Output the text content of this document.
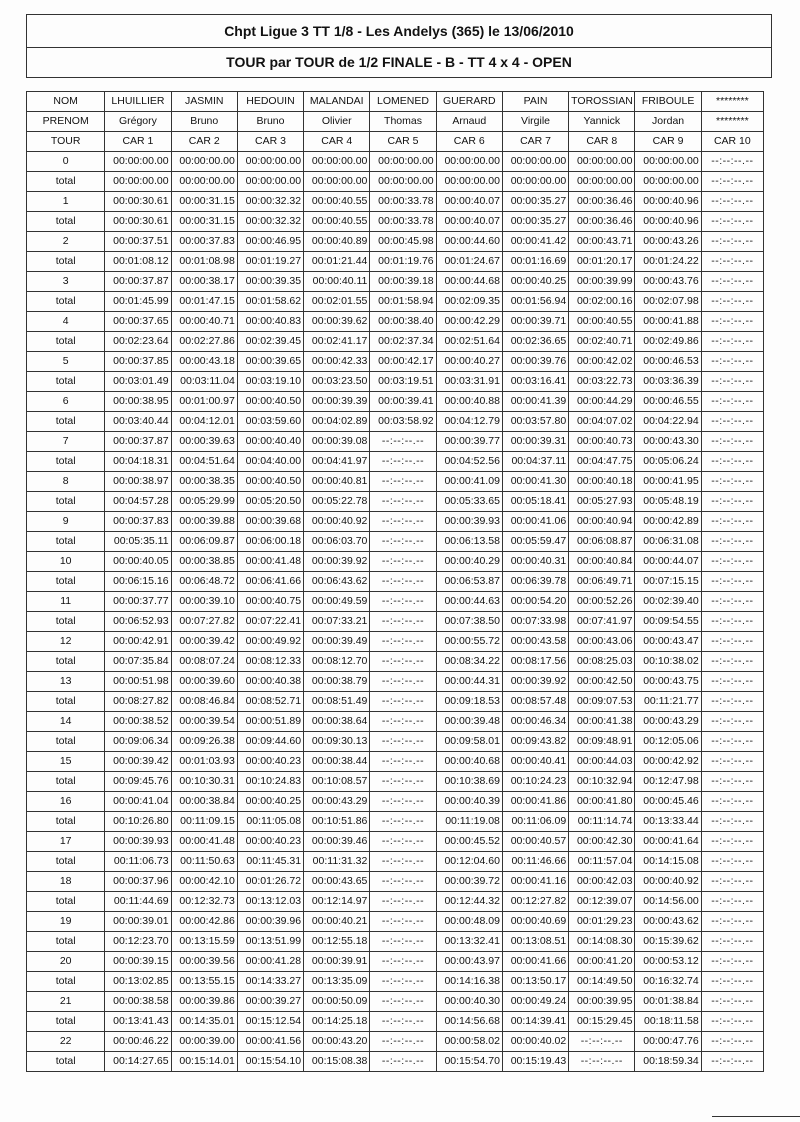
Chpt Ligue 3 TT 1/8 - Les Andelys (365) le 13/06/2010
TOUR par TOUR de 1/2 FINALE - B - TT 4 x 4 - OPEN
NOM	LHUILLIER	JASMIN	HEDOUIN	MALANDAI	LOMENED	GUERARD	PAIN	TOROSSIAN	FRIBOULE	********
PRENOM	Grégory	Bruno	Bruno	Olivier	Thomas	Arnaud	Virgile	Yannick	Jordan	********
TOUR	CAR 1	CAR 2	CAR 3	CAR 4	CAR 5	CAR 6	CAR 7	CAR 8	CAR 9	CAR 10
0	00:00:00.00	00:00:00.00	00:00:00.00	00:00:00.00	00:00:00.00	00:00:00.00	00:00:00.00	00:00:00.00	00:00:00.00	--:--:--.--
total	00:00:00.00	00:00:00.00	00:00:00.00	00:00:00.00	00:00:00.00	00:00:00.00	00:00:00.00	00:00:00.00	00:00:00.00	--:--:--.--
1	00:00:30.61	00:00:31.15	00:00:32.32	00:00:40.55	00:00:33.78	00:00:40.07	00:00:35.27	00:00:36.46	00:00:40.96	--:--:--.--
total	00:00:30.61	00:00:31.15	00:00:32.32	00:00:40.55	00:00:33.78	00:00:40.07	00:00:35.27	00:00:36.46	00:00:40.96	--:--:--.--
2	00:00:37.51	00:00:37.83	00:00:46.95	00:00:40.89	00:00:45.98	00:00:44.60	00:00:41.42	00:00:43.71	00:00:43.26	--:--:--.--
total	00:01:08.12	00:01:08.98	00:01:19.27	00:01:21.44	00:01:19.76	00:01:24.67	00:01:16.69	00:01:20.17	00:01:24.22	--:--:--.--
3	00:00:37.87	00:00:38.17	00:00:39.35	00:00:40.11	00:00:39.18	00:00:44.68	00:00:40.25	00:00:39.99	00:00:43.76	--:--:--.--
total	00:01:45.99	00:01:47.15	00:01:58.62	00:02:01.55	00:01:58.94	00:02:09.35	00:01:56.94	00:02:00.16	00:02:07.98	--:--:--.--
4	00:00:37.65	00:00:40.71	00:00:40.83	00:00:39.62	00:00:38.40	00:00:42.29	00:00:39.71	00:00:40.55	00:00:41.88	--:--:--.--
total	00:02:23.64	00:02:27.86	00:02:39.45	00:02:41.17	00:02:37.34	00:02:51.64	00:02:36.65	00:02:40.71	00:02:49.86	--:--:--.--
5	00:00:37.85	00:00:43.18	00:00:39.65	00:00:42.33	00:00:42.17	00:00:40.27	00:00:39.76	00:00:42.02	00:00:46.53	--:--:--.--
total	00:03:01.49	00:03:11.04	00:03:19.10	00:03:23.50	00:03:19.51	00:03:31.91	00:03:16.41	00:03:22.73	00:03:36.39	--:--:--.--
6	00:00:38.95	00:01:00.97	00:00:40.50	00:00:39.39	00:00:39.41	00:00:40.88	00:00:41.39	00:00:44.29	00:00:46.55	--:--:--.--
total	00:03:40.44	00:04:12.01	00:03:59.60	00:04:02.89	00:03:58.92	00:04:12.79	00:03:57.80	00:04:07.02	00:04:22.94	--:--:--.--
7	00:00:37.87	00:00:39.63	00:00:40.40	00:00:39.08	--:--:--.--	00:00:39.77	00:00:39.31	00:00:40.73	00:00:43.30	--:--:--.--
total	00:04:18.31	00:04:51.64	00:04:40.00	00:04:41.97	--:--:--.--	00:04:52.56	00:04:37.11	00:04:47.75	00:05:06.24	--:--:--.--
8	00:00:38.97	00:00:38.35	00:00:40.50	00:00:40.81	--:--:--.--	00:00:41.09	00:00:41.30	00:00:40.18	00:00:41.95	--:--:--.--
total	00:04:57.28	00:05:29.99	00:05:20.50	00:05:22.78	--:--:--.--	00:05:33.65	00:05:18.41	00:05:27.93	00:05:48.19	--:--:--.--
9	00:00:37.83	00:00:39.88	00:00:39.68	00:00:40.92	--:--:--.--	00:00:39.93	00:00:41.06	00:00:40.94	00:00:42.89	--:--:--.--
total	00:05:35.11	00:06:09.87	00:06:00.18	00:06:03.70	--:--:--.--	00:06:13.58	00:05:59.47	00:06:08.87	00:06:31.08	--:--:--.--
10	00:00:40.05	00:00:38.85	00:00:41.48	00:00:39.92	--:--:--.--	00:00:40.29	00:00:40.31	00:00:40.84	00:00:44.07	--:--:--.--
total	00:06:15.16	00:06:48.72	00:06:41.66	00:06:43.62	--:--:--.--	00:06:53.87	00:06:39.78	00:06:49.71	00:07:15.15	--:--:--.--
11	00:00:37.77	00:00:39.10	00:00:40.75	00:00:49.59	--:--:--.--	00:00:44.63	00:00:54.20	00:00:52.26	00:02:39.40	--:--:--.--
total	00:06:52.93	00:07:27.82	00:07:22.41	00:07:33.21	--:--:--.--	00:07:38.50	00:07:33.98	00:07:41.97	00:09:54.55	--:--:--.--
12	00:00:42.91	00:00:39.42	00:00:49.92	00:00:39.49	--:--:--.--	00:00:55.72	00:00:43.58	00:00:43.06	00:00:43.47	--:--:--.--
total	00:07:35.84	00:08:07.24	00:08:12.33	00:08:12.70	--:--:--.--	00:08:34.22	00:08:17.56	00:08:25.03	00:10:38.02	--:--:--.--
13	00:00:51.98	00:00:39.60	00:00:40.38	00:00:38.79	--:--:--.--	00:00:44.31	00:00:39.92	00:00:42.50	00:00:43.75	--:--:--.--
total	00:08:27.82	00:08:46.84	00:08:52.71	00:08:51.49	--:--:--.--	00:09:18.53	00:08:57.48	00:09:07.53	00:11:21.77	--:--:--.--
14	00:00:38.52	00:00:39.54	00:00:51.89	00:00:38.64	--:--:--.--	00:00:39.48	00:00:46.34	00:00:41.38	00:00:43.29	--:--:--.--
total	00:09:06.34	00:09:26.38	00:09:44.60	00:09:30.13	--:--:--.--	00:09:58.01	00:09:43.82	00:09:48.91	00:12:05.06	--:--:--.--
15	00:00:39.42	00:01:03.93	00:00:40.23	00:00:38.44	--:--:--.--	00:00:40.68	00:00:40.41	00:00:44.03	00:00:42.92	--:--:--.--
total	00:09:45.76	00:10:30.31	00:10:24.83	00:10:08.57	--:--:--.--	00:10:38.69	00:10:24.23	00:10:32.94	00:12:47.98	--:--:--.--
16	00:00:41.04	00:00:38.84	00:00:40.25	00:00:43.29	--:--:--.--	00:00:40.39	00:00:41.86	00:00:41.80	00:00:45.46	--:--:--.--
total	00:10:26.80	00:11:09.15	00:11:05.08	00:10:51.86	--:--:--.--	00:11:19.08	00:11:06.09	00:11:14.74	00:13:33.44	--:--:--.--
17	00:00:39.93	00:00:41.48	00:00:40.23	00:00:39.46	--:--:--.--	00:00:45.52	00:00:40.57	00:00:42.30	00:00:41.64	--:--:--.--
total	00:11:06.73	00:11:50.63	00:11:45.31	00:11:31.32	--:--:--.--	00:12:04.60	00:11:46.66	00:11:57.04	00:14:15.08	--:--:--.--
18	00:00:37.96	00:00:42.10	00:01:26.72	00:00:43.65	--:--:--.--	00:00:39.72	00:00:41.16	00:00:42.03	00:00:40.92	--:--:--.--
total	00:11:44.69	00:12:32.73	00:13:12.03	00:12:14.97	--:--:--.--	00:12:44.32	00:12:27.82	00:12:39.07	00:14:56.00	--:--:--.--
19	00:00:39.01	00:00:42.86	00:00:39.96	00:00:40.21	--:--:--.--	00:00:48.09	00:00:40.69	00:01:29.23	00:00:43.62	--:--:--.--
total	00:12:23.70	00:13:15.59	00:13:51.99	00:12:55.18	--:--:--.--	00:13:32.41	00:13:08.51	00:14:08.30	00:15:39.62	--:--:--.--
20	00:00:39.15	00:00:39.56	00:00:41.28	00:00:39.91	--:--:--.--	00:00:43.97	00:00:41.66	00:00:41.20	00:00:53.12	--:--:--.--
total	00:13:02.85	00:13:55.15	00:14:33.27	00:13:35.09	--:--:--.--	00:14:16.38	00:13:50.17	00:14:49.50	00:16:32.74	--:--:--.--
21	00:00:38.58	00:00:39.86	00:00:39.27	00:00:50.09	--:--:--.--	00:00:40.30	00:00:49.24	00:00:39.95	00:01:38.84	--:--:--.--
total	00:13:41.43	00:14:35.01	00:15:12.54	00:14:25.18	--:--:--.--	00:14:56.68	00:14:39.41	00:15:29.45	00:18:11.58	--:--:--.--
22	00:00:46.22	00:00:39.00	00:00:41.56	00:00:43.20	--:--:--.--	00:00:58.02	00:00:40.02	--:--:--.--	00:00:47.76	--:--:--.--
total	00:14:27.65	00:15:14.01	00:15:54.10	00:15:08.38	--:--:--.--	00:15:54.70	00:15:19.43	--:--:--.--	00:18:59.34	--:--:--.--
